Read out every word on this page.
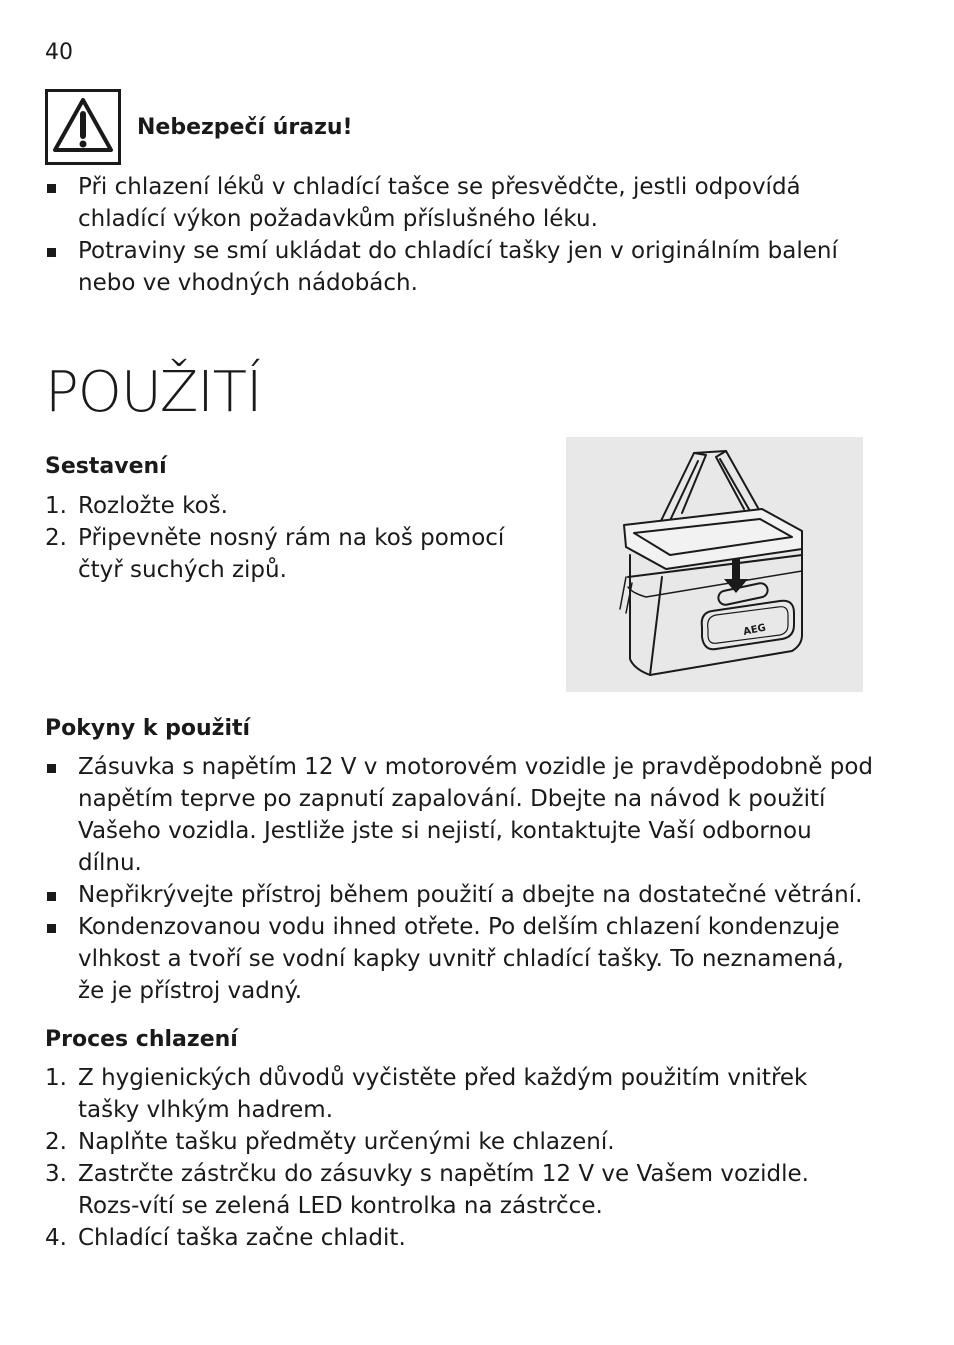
40
Nebezpečí úrazu!
Při chlazení léků v chladící tašce se přesvědčte, jestli odpovídá chladící výkon požadavkům příslušného léku.
Potraviny se smí ukládat do chladící tašky jen v originálním balení nebo ve vhodných nádobách.
POUŽITÍ
Sestavení
1. Rozložte koš.
2. Připevněte nosný rám na koš pomocí čtyř suchých zipů.
AEG
Pokyny k použití
Zásuvka s napětím 12 V v motorovém vozidle je pravděpodobně pod napětím teprve po zapnutí zapalování. Dbejte na návod k použití Vašeho vozidla. Jestliže jste si nejistí, kontaktujte Vaší odbornou dílnu.
Nepřikrývejte přístroj během použití a dbejte na dostatečné větrání.
Kondenzovanou vodu ihned otřete. Po delším chlazení kondenzuje vlhkost a tvoří se vodní kapky uvnitř chladící tašky. To neznamená, že je přístroj vadný.
Proces chlazení
1. Z hygienických důvodů vyčistěte před každým použitím vnitřek tašky vlhkým hadrem.
2. Naplňte tašku předměty určenými ke chlazení.
3. Zastrčte zástrčku do zásuvky s napětím 12 V ve Vašem vozidle. Rozs-vítí se zelená LED kontrolka na zástrčce.
4. Chladící taška začne chladit.
